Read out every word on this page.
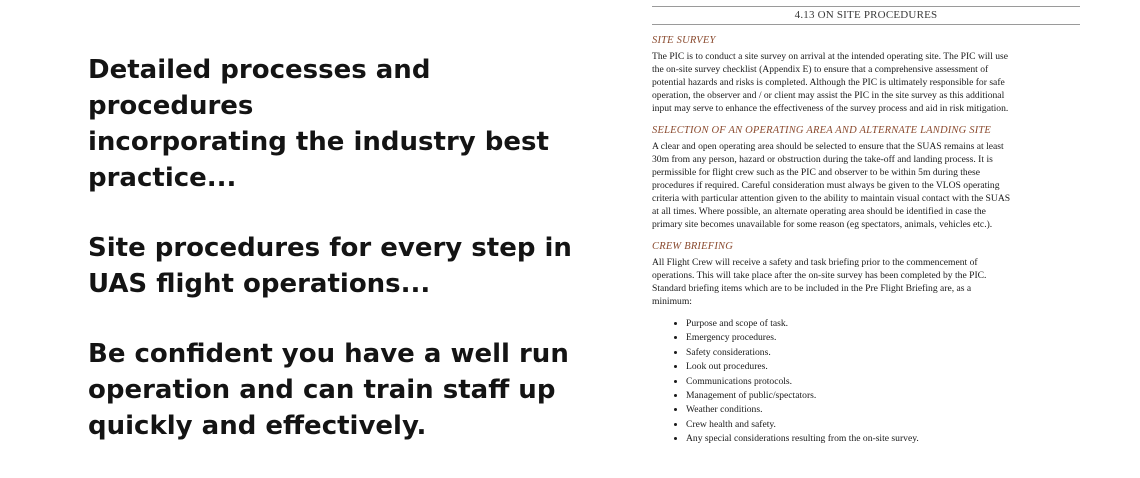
Detailed processes and procedures
incorporating the industry best
practice...

Site procedures for every step in
UAS flight operations...

Be confident you have a well run
operation and can train staff up
quickly and effectively.

4.13 ON SITE PROCEDURES
SITE SURVEY

The PIC is to conduct a site survey on arrival at the intended operating site. The PIC will use
the on-site survey checklist (Appendix E) to ensure that a comprehensive assessment of
potential hazards and risks is completed. Although the PIC is ultimately responsible for safe
operation, the observer and / or client may assist the PIC in the site survey as this additional
input may serve to enhance the effectiveness of the survey process and aid in risk mitigation.

SELECTION OF AN OPERATING AREA AND ALTERNATE LANDING SITE

A clear and open operating area should be selected to ensure that the SUAS remains at least
30m from any person, hazard or obstruction during the take-off and landing process. It is
permissible for flight crew such as the PIC and observer to be within 5m during these
procedures if required. Careful consideration must always be given to the VLOS operating
criteria with particular attention given to the ability to maintain visual contact with the SUAS
at all times. Where possible, an alternate operating area should be identified in case the
primary site becomes unavailable for some reason (eg spectators, animals, vehicles etc.).

CREW BRIEFING

All Flight Crew will receive a safety and task briefing prior to the commencement of
operations. This will take place after the on-site survey has been completed by the PIC.
Standard briefing items which are to be included in the Pre Flight Briefing are, as a
minimum:

• Purpose and scope of task.
• Emergency procedures.
• Safety considerations.
• Look out procedures.
• Communications protocols.
• Management of public/spectators.
• Weather conditions.
• Crew health and safety.
• Any special considerations resulting from the on-site survey.
